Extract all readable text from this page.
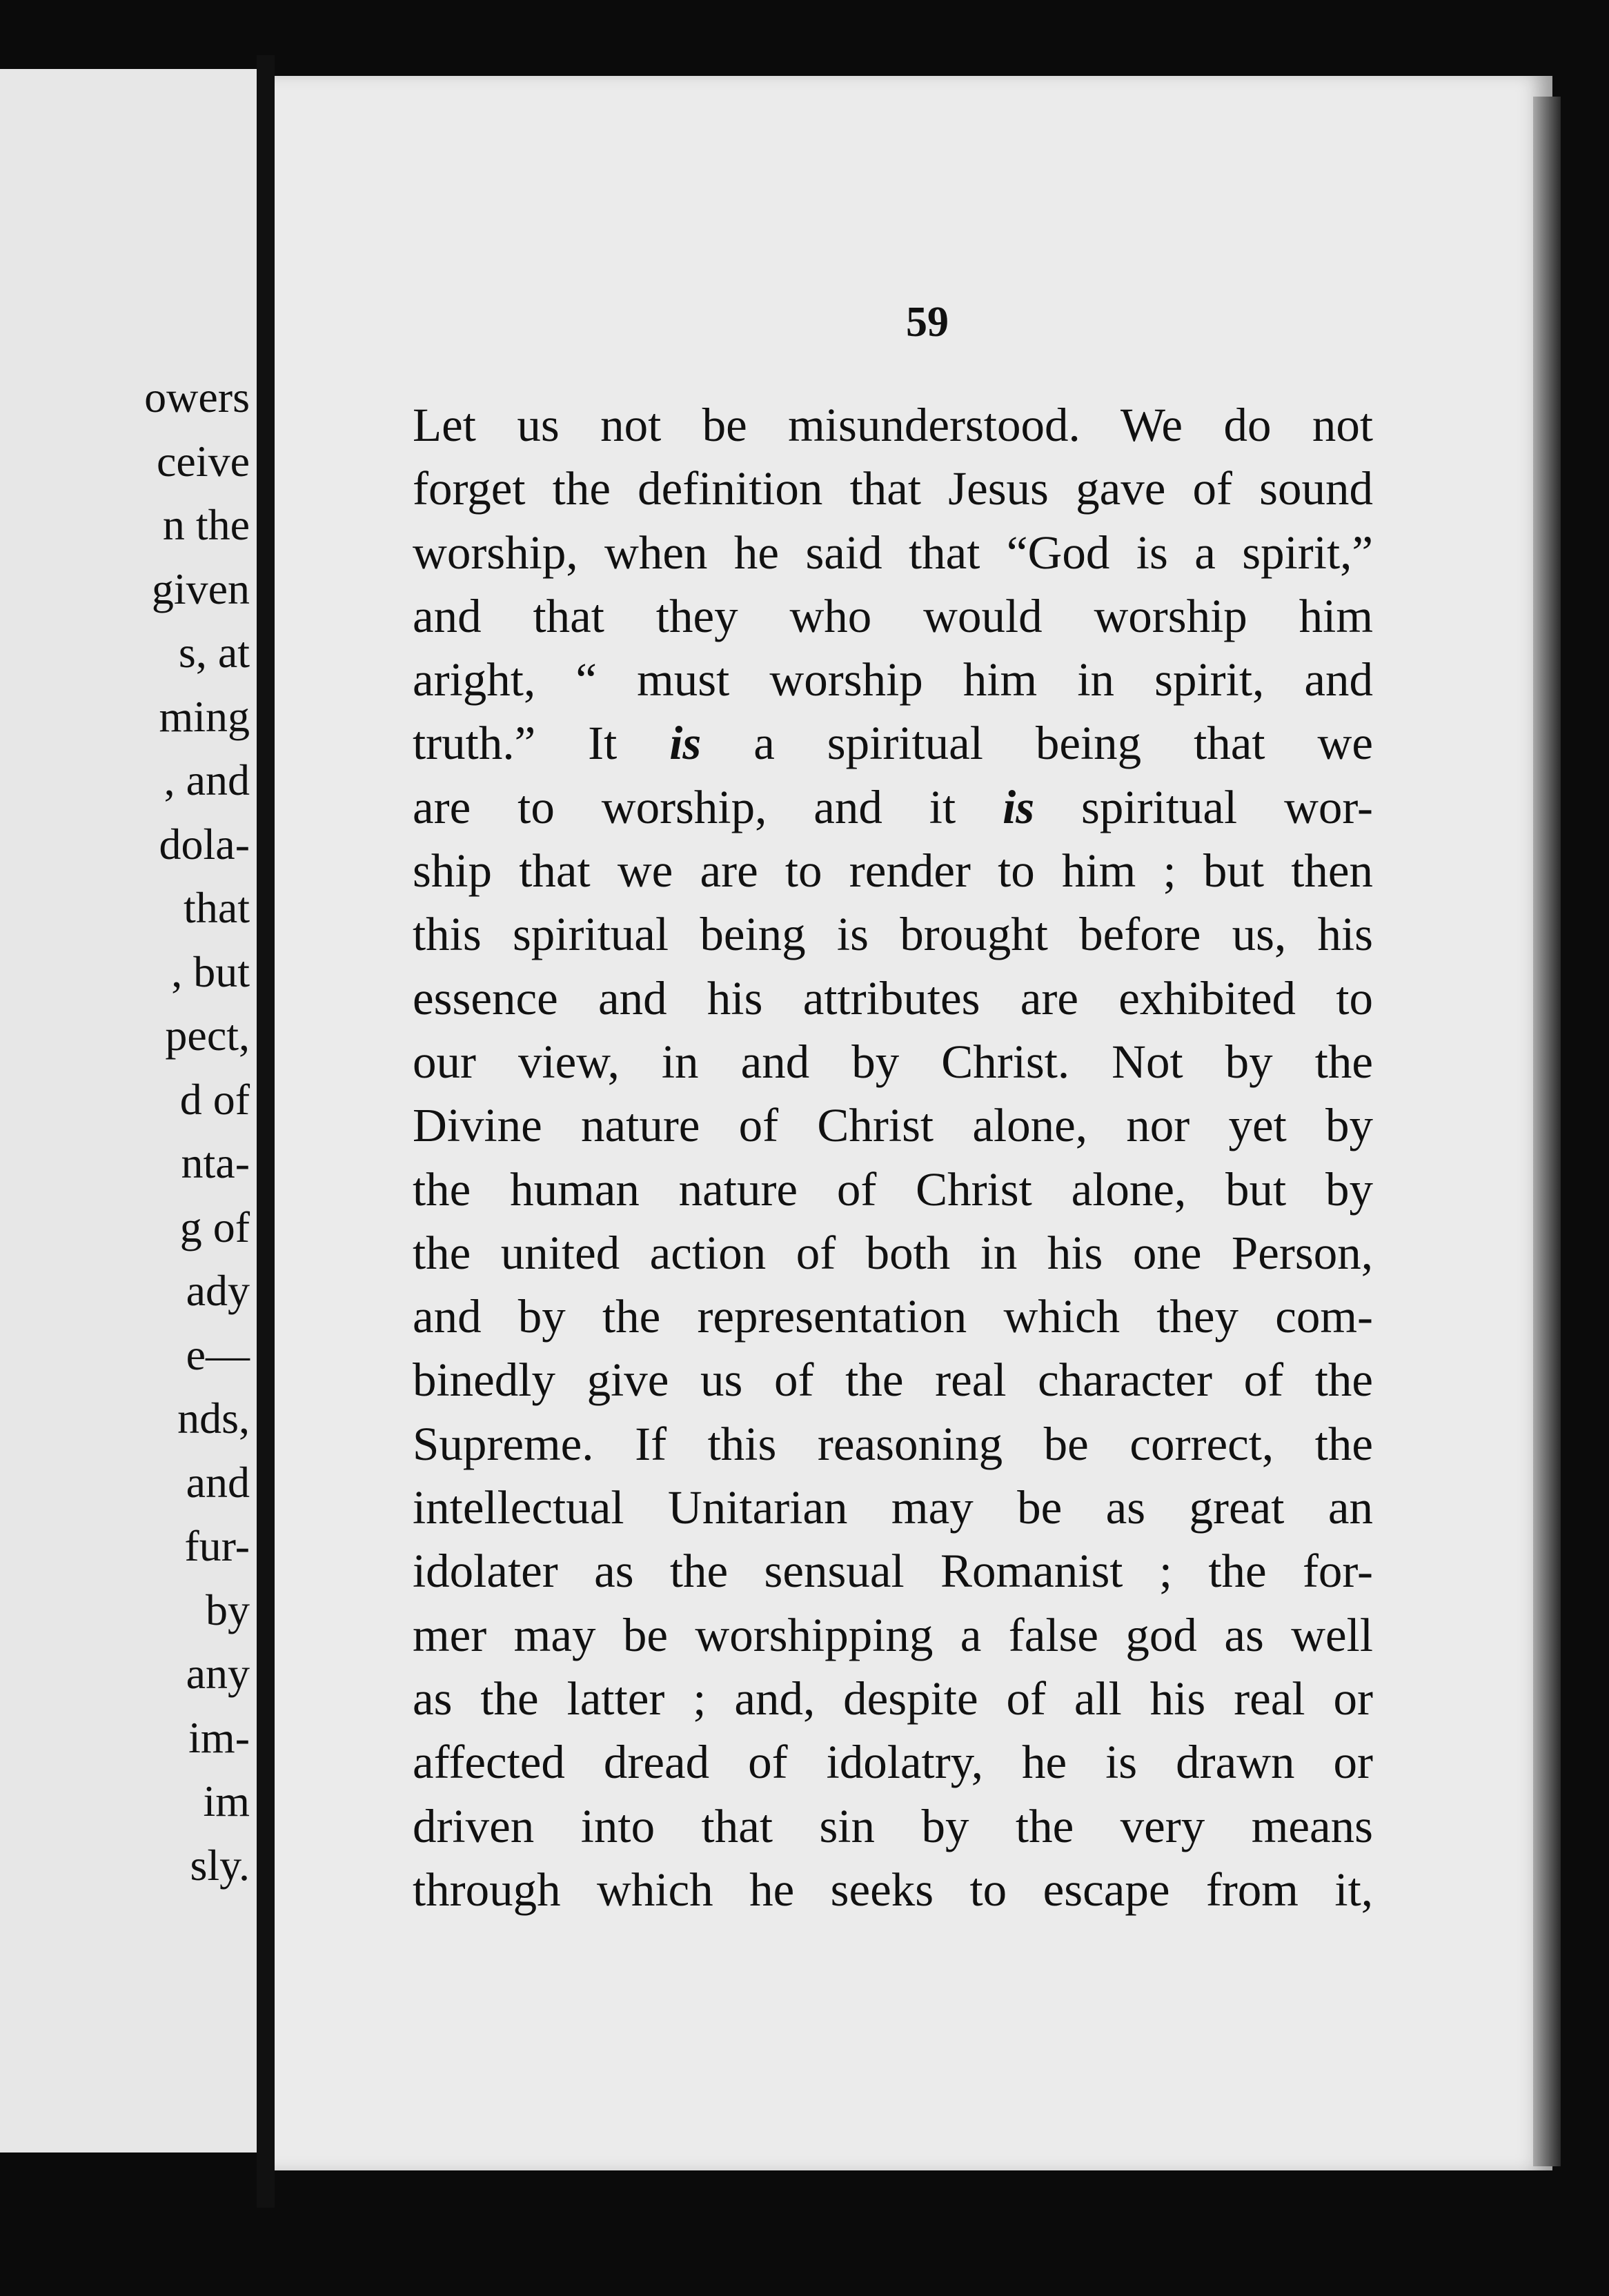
owers
ceive
n the
given
s, at
ming
, and
dola-
that
, but
pect,
d of
nta-
g of
ady
e—
nds,
and
fur-
by
any
im-
im
sly.
59
Let us not be misunderstood. We do not
forget the definition that Jesus gave of sound
worship, when he said that “God is a spirit,”
and that they who would worship him
aright, “ must worship him in spirit, and
truth.” It is a spiritual being that we
are to worship, and it is spiritual wor-
ship that we are to render to him ; but then
this spiritual being is brought before us, his
essence and his attributes are exhibited to
our view, in and by Christ. Not by the
Divine nature of Christ alone, nor yet by
the human nature of Christ alone, but by
the united action of both in his one Person,
and by the representation which they com-
binedly give us of the real character of the
Supreme. If this reasoning be correct, the
intellectual Unitarian may be as great an
idolater as the sensual Romanist ; the for-
mer may be worshipping a false god as well
as the latter ; and, despite of all his real or
affected dread of idolatry, he is drawn or
driven into that sin by the very means
through which he seeks to escape from it,
